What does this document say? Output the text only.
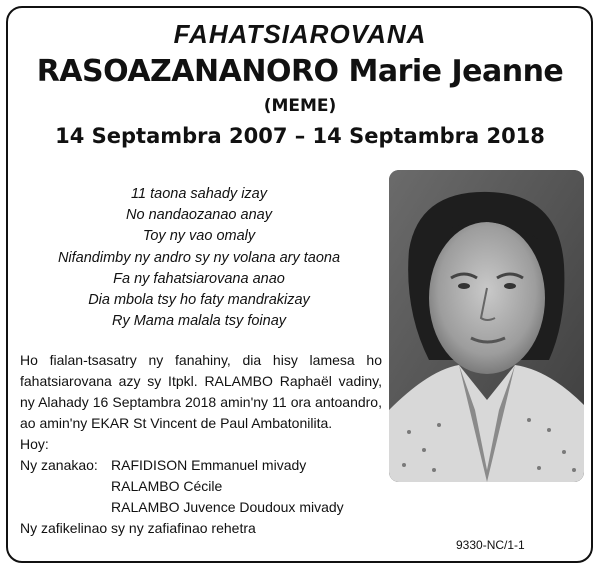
FAHATSIAROVANA
RASOAZANANORO Marie Jeanne
(MEME)
14 Septambra 2007 – 14 Septambra 2018
11 taona sahady izay
No nandaozanao anay
Toy ny vao omaly
Nifandimby ny andro sy ny volana ary taona
Fa ny fahatsiarovana anao
Dia mbola tsy ho faty mandrakizay
Ry Mama malala tsy foinay
Ho fialan-tsasatry ny fanahiny, dia hisy lamesa ho fahatsiarovana azy sy Itpkl. RALAMBO Raphaël vadiny, ny Alahady 16 Septambra 2018 amin'ny 11 ora antoandro, ao amin'ny EKAR St Vincent de Paul Ambatonilita.
Hoy:
Ny zanakao: RAFIDISON Emmanuel mivady
RALAMBO Cécile
RALAMBO Juvence Doudoux mivady
Ny zafikelinao sy ny zafiafinao rehetra
9330-NC/1-1
